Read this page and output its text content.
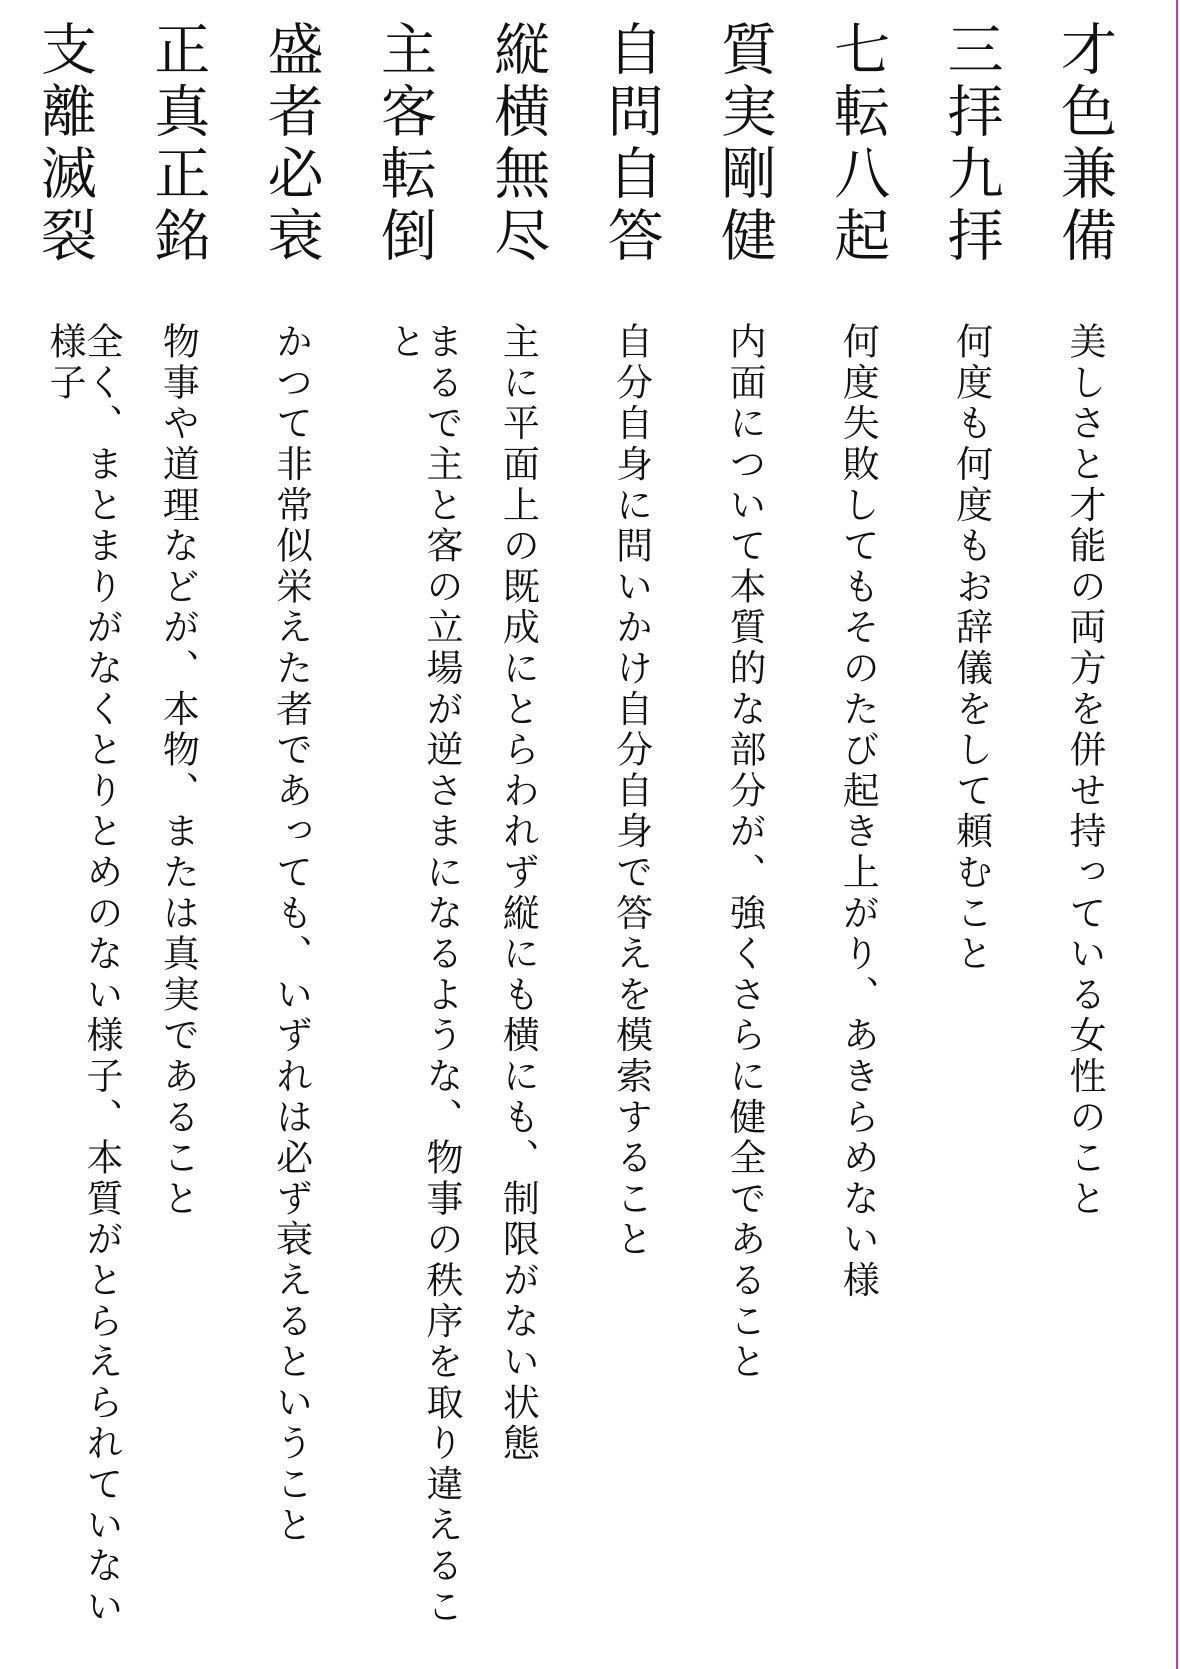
才色兼備
美しさと才能の両方を併せ持っている女性のこと
三拝九拝
何度も何度もお辞儀をして頼むこと
七転八起
何度失敗してもそのたび起き上がり、あきらめない様
質実剛健
内面について本質的な部分が、強くさらに健全であること
自問自答
自分自身に問いかけ自分自身で答えを模索すること
縦横無尽
主に平面上の既成にとらわれず縦にも横にも、制限がない状態
主客転倒
まるで主と客の立場が逆さまになるような、物事の秩序を取り違えること
盛者必衰
かつて非常似栄えた者であっても、いずれは必ず衰えるということ
正真正銘
物事や道理などが、本物、または真実であること
支離滅裂
全く、まとまりがなくとりとめのない様子、本質がとらえられていない様子
